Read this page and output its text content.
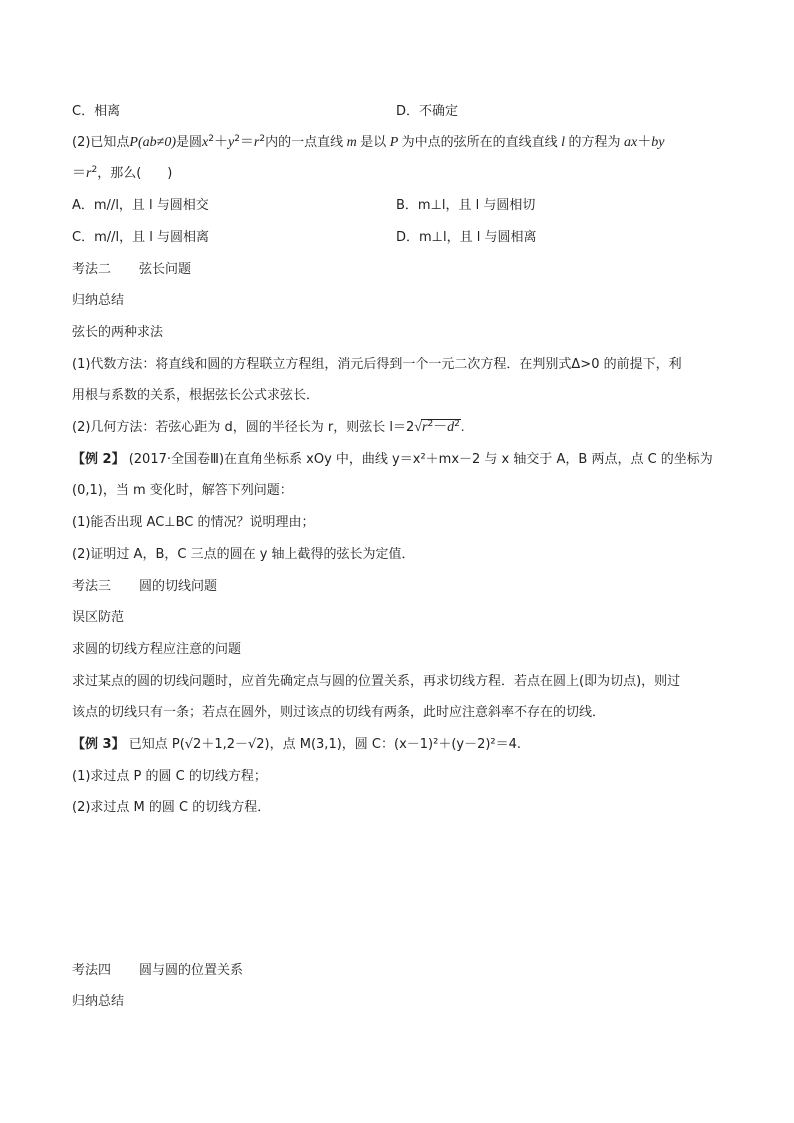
C．相离	D．不确定
(2)已知点P(ab≠0)是圆$x^2+y^2=r^2$内的一点直线 m 是以 P 为中点的弦所在的直线直线 l 的方程为 ax＋by
$=r^2$，那么(　　)
A．m//l，且 l 与圆相交	B．m⊥l，且 l 与圆相切
C．m//l，且 l 与圆相离	D．m⊥l，且 l 与圆相离
考法二 弦长问题
归纳总结
弦长的两种求法
(1)代数方法：将直线和圆的方程联立方程组，消元后得到一个一元二次方程．在判别式Δ>0 的前提下，利
用根与系数的关系，根据弦长公式求弦长．
(2)几何方法：若弦心距为 d，圆的半径长为 r，则弦长 $l=2√r^2-d^2$.
【例 2】 (2017·全国卷Ⅲ)在直角坐标系 xOy 中，曲线 y＝x²＋mx－2 与 x 轴交于 A，B 两点，点 C 的坐标为
(0,1)，当 m 变化时，解答下列问题：
(1)能否出现 AC⊥BC 的情况？说明理由；
(2)证明过 A，B，C 三点的圆在 y 轴上截得的弦长为定值．
考法三 圆的切线问题
误区防范
求圆的切线方程应注意的问题
求过某点的圆的切线问题时，应首先确定点与圆的位置关系，再求切线方程．若点在圆上(即为切点)，则过
该点的切线只有一条；若点在圆外，则过该点的切线有两条，此时应注意斜率不存在的切线．
【例 3】 已知点 P(√2＋1,2－√2)，点 M(3,1)，圆 C：(x－1)²＋(y－2)²＝4.
(1)求过点 P 的圆 C 的切线方程；
(2)求过点 M 的圆 C 的切线方程．
考法四 圆与圆的位置关系
归纳总结
